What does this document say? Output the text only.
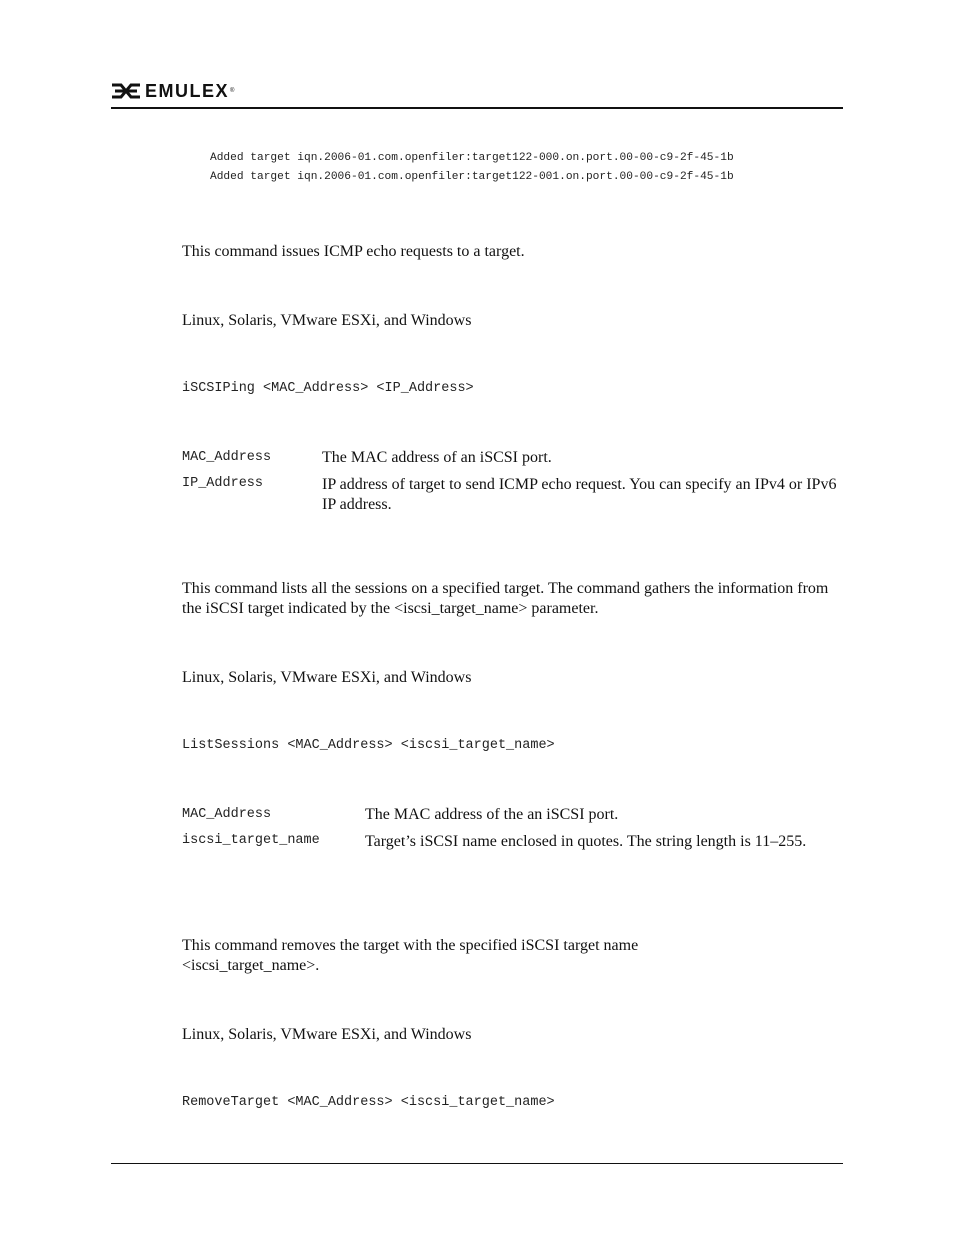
EMULEX ®
Added target iqn.2006-01.com.openfiler:target122-000.on.port.00-00-c9-2f-45-1b
Added target iqn.2006-01.com.openfiler:target122-001.on.port.00-00-c9-2f-45-1b
This command issues ICMP echo requests to a target.
Linux, Solaris, VMware ESXi, and Windows
iSCSIPing <MAC_Address> <IP_Address>
MAC_Address	The MAC address of an iSCSI port.
IP_Address	IP address of target to send ICMP echo request. You can specify an IPv4 or IPv6 IP address.
This command lists all the sessions on a specified target. The command gathers the information from the iSCSI target indicated by the <iscsi_target_name> parameter.
Linux, Solaris, VMware ESXi, and Windows
ListSessions <MAC_Address> <iscsi_target_name>
MAC_Address	The MAC address of the an iSCSI port.
iscsi_target_name	Target’s iSCSI name enclosed in quotes. The string length is 11–255.
This command removes the target with the specified iSCSI target name <iscsi_target_name>.
Linux, Solaris, VMware ESXi, and Windows
RemoveTarget <MAC_Address> <iscsi_target_name>
